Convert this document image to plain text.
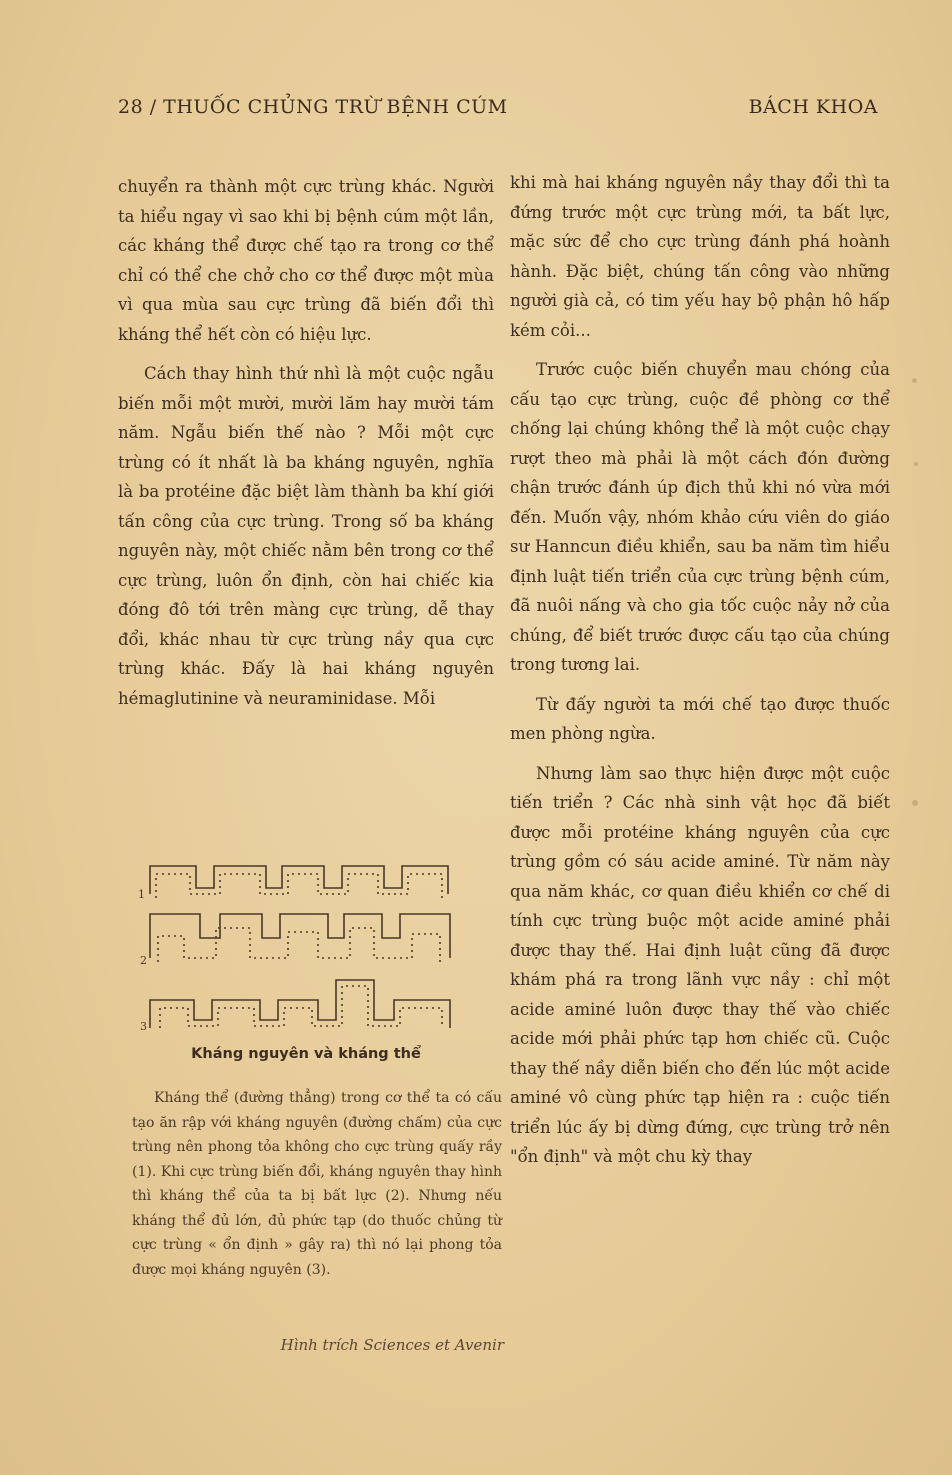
28 / THUỐC CHỦNG TRỪ BỆNH CÚM	BÁCH KHOA

chuyển ra thành một cực trùng khác. Người ta hiểu ngay vì sao khi bị bệnh cúm một lần, các kháng thể được chế tạo ra trong cơ thể chỉ có thể che chở cho cơ thể được một mùa vì qua mùa sau cực trùng đã biến đổi thì kháng thể hết còn có hiệu lực.

Cách thay hình thứ nhì là một cuộc ngẫu biến mỗi một mười, mười lăm hay mười tám năm. Ngẫu biến thế nào ? Mỗi một cực trùng có ít nhất là ba kháng nguyên, nghĩa là ba protéine đặc biệt làm thành ba khí giới tấn công của cực trùng. Trong số ba kháng nguyên này, một chiếc nằm bên trong cơ thể cực trùng, luôn ổn định, còn hai chiếc kia đóng đô tới trên màng cực trùng, dễ thay đổi, khác nhau từ cực trùng nầy qua cực trùng khác. Đấy là hai kháng nguyên hémaglutinine và neuraminidase. Mỗi

1
2
3
Kháng nguyên và kháng thể
Kháng thể (đường thẳng) trong cơ thể ta có cấu tạo ăn rập với kháng nguyên (đường chấm) của cực trùng nên phong tỏa không cho cực trùng quấy rầy (1). Khi cực trùng biến đổi, kháng nguyên thay hình thì kháng thể của ta bị bất lực (2). Nhưng nếu kháng thể đủ lớn, đủ phức tạp (do thuốc chủng từ cực trùng « ổn định » gây ra) thì nó lại phong tỏa được mọi kháng nguyên (3).
Hình trích Sciences et Avenir

khi mà hai kháng nguyên nầy thay đổi thì ta đứng trước một cực trùng mới, ta bất lực, mặc sức để cho cực trùng đánh phá hoành hành. Đặc biệt, chúng tấn công vào những người già cả, có tim yếu hay bộ phận hô hấp kém cỏi...

Trước cuộc biến chuyển mau chóng của cấu tạo cực trùng, cuộc đề phòng cơ thể chống lại chúng không thể là một cuộc chạy rượt theo mà phải là một cách đón đường chận trước đánh úp địch thủ khi nó vừa mới đến. Muốn vậy, nhóm khảo cứu viên do giáo sư Hanncun điều khiển, sau ba năm tìm hiểu định luật tiến triển của cực trùng bệnh cúm, đã nuôi nấng và cho gia tốc cuộc nảy nở của chúng, để biết trước được cấu tạo của chúng trong tương lai.

Từ đấy người ta mới chế tạo được thuốc men phòng ngừa.

Nhưng làm sao thực hiện được một cuộc tiến triển ? Các nhà sinh vật học đã biết được mỗi protéine kháng nguyên của cực trùng gồm có sáu acide aminé. Từ năm này qua năm khác, cơ quan điều khiển cơ chế di tính cực trùng buộc một acide aminé phải được thay thế. Hai định luật cũng đã được khám phá ra trong lãnh vực nầy : chỉ một acide aminé luôn được thay thế vào chiếc acide mới phải phức tạp hơn chiếc cũ. Cuộc thay thế nầy diễn biến cho đến lúc một acide aminé vô cùng phức tạp hiện ra : cuộc tiến triển lúc ấy bị dừng đứng, cực trùng trở nên "ổn định" và một chu kỳ thay
